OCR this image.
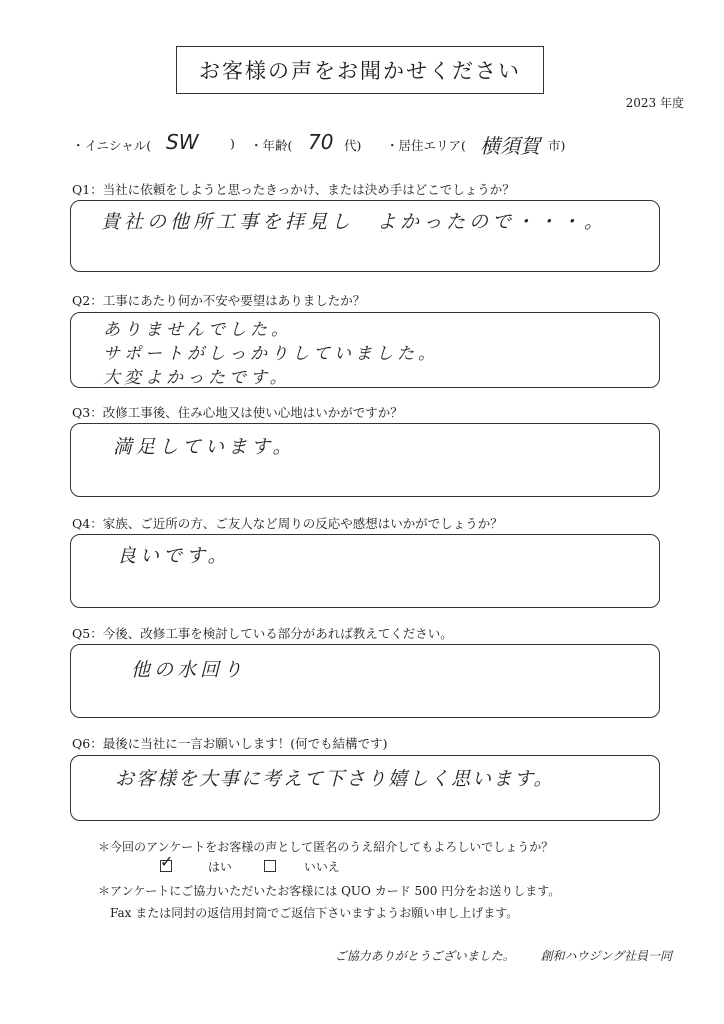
お客様の声をお聞かせください
2023 年度
・イニシャル( SW	) ・年齢( 70 代) ・居住エリア( 横須賀 市)
Q1：当社に依頼をしようと思ったきっかけ、または決め手はどこでしょうか？
貴社の他所工事を拝見し　よかったので・・・。
Q2：工事にあたり何か不安や要望はありましたか？
ありませんでした。
サポートがしっかりしていました。
大変よかったです。
Q3：改修工事後、住み心地又は使い心地はいかがですか？
満足しています。
Q4：家族、ご近所の方、ご友人など周りの反応や感想はいかがでしょうか？
良いです。
Q5：今後、改修工事を検討している部分があれば教えてください。
他の水回り
Q6：最後に当社に一言お願いします！(何でも結構です)
お客様を大事に考えて下さり嬉しく思います。
＊今回のアンケートをお客様の声として匿名のうえ紹介してもよろしいでしょうか？
✓	はい	いいえ
＊アンケートにご協力いただいたお客様には QUO カード 500 円分をお送りします。
Fax または同封の返信用封筒でご返信下さいますようお願い申し上げます。
ご協力ありがとうございました。 創和ハウジング社員一同
